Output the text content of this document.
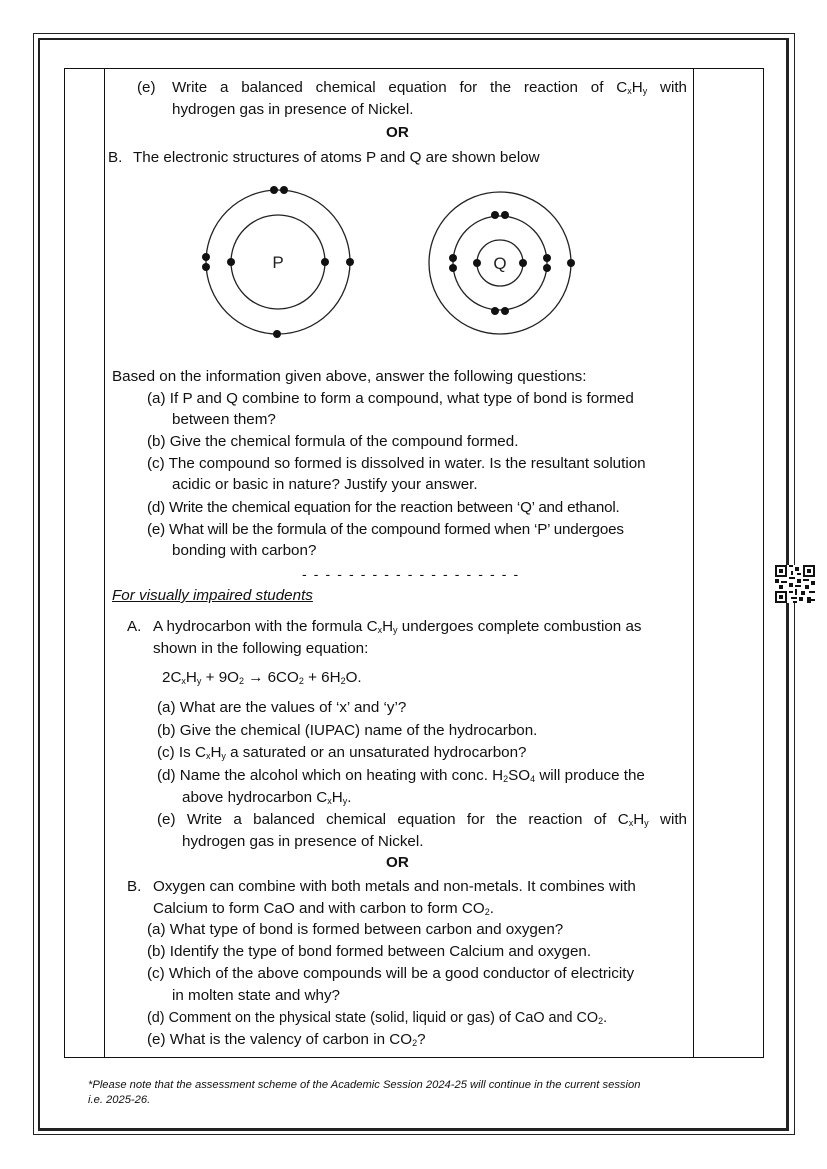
(e) Write a balanced chemical equation for the reaction of $C_xH_y$ with
hydrogen gas in presence of Nickel.
OR
B. The electronic structures of atoms P and Q are shown below
P	Q
Based on the information given above, answer the following questions:
(a) If P and Q combine to form a compound, what type of bond is formed
between them?
(b) Give the chemical formula of the compound formed.
(c) The compound so formed is dissolved in water. Is the resultant solution
acidic or basic in nature? Justify your answer.
(d) Write the chemical equation for the reaction between ‘Q’ and ethanol.
(e) What will be the formula of the compound formed when ‘P’ undergoes
bonding with carbon?
- - - - - - - - - - - - - - - - - - -
For visually impaired students
A. A hydrocarbon with the formula $C_xH_y$ undergoes complete combustion as
shown in the following equation:
$2C_xH_y + 9O_2 \to 6CO_2 + 6H_2O$.
(a) What are the values of ‘x’ and ‘y’?
(b) Give the chemical (IUPAC) name of the hydrocarbon.
(c) Is $C_xH_y$ a saturated or an unsaturated hydrocarbon?
(d) Name the alcohol which on heating with conc. $H_2SO_4$ will produce the
above hydrocarbon $C_xH_y$.
(e) Write a balanced chemical equation for the reaction of $C_xH_y$ with
hydrogen gas in presence of Nickel.
OR
B. Oxygen can combine with both metals and non-metals. It combines with
Calcium to form CaO and with carbon to form $CO_2$.
(a) What type of bond is formed between carbon and oxygen?
(b) Identify the type of bond formed between Calcium and oxygen.
(c) Which of the above compounds will be a good conductor of electricity
in molten state and why?
(d) Comment on the physical state (solid, liquid or gas) of CaO and $CO_2$.
(e) What is the valency of carbon in $CO_2$?
*Please note that the assessment scheme of the Academic Session 2024-25 will continue in the current session
i.e. 2025-26.
